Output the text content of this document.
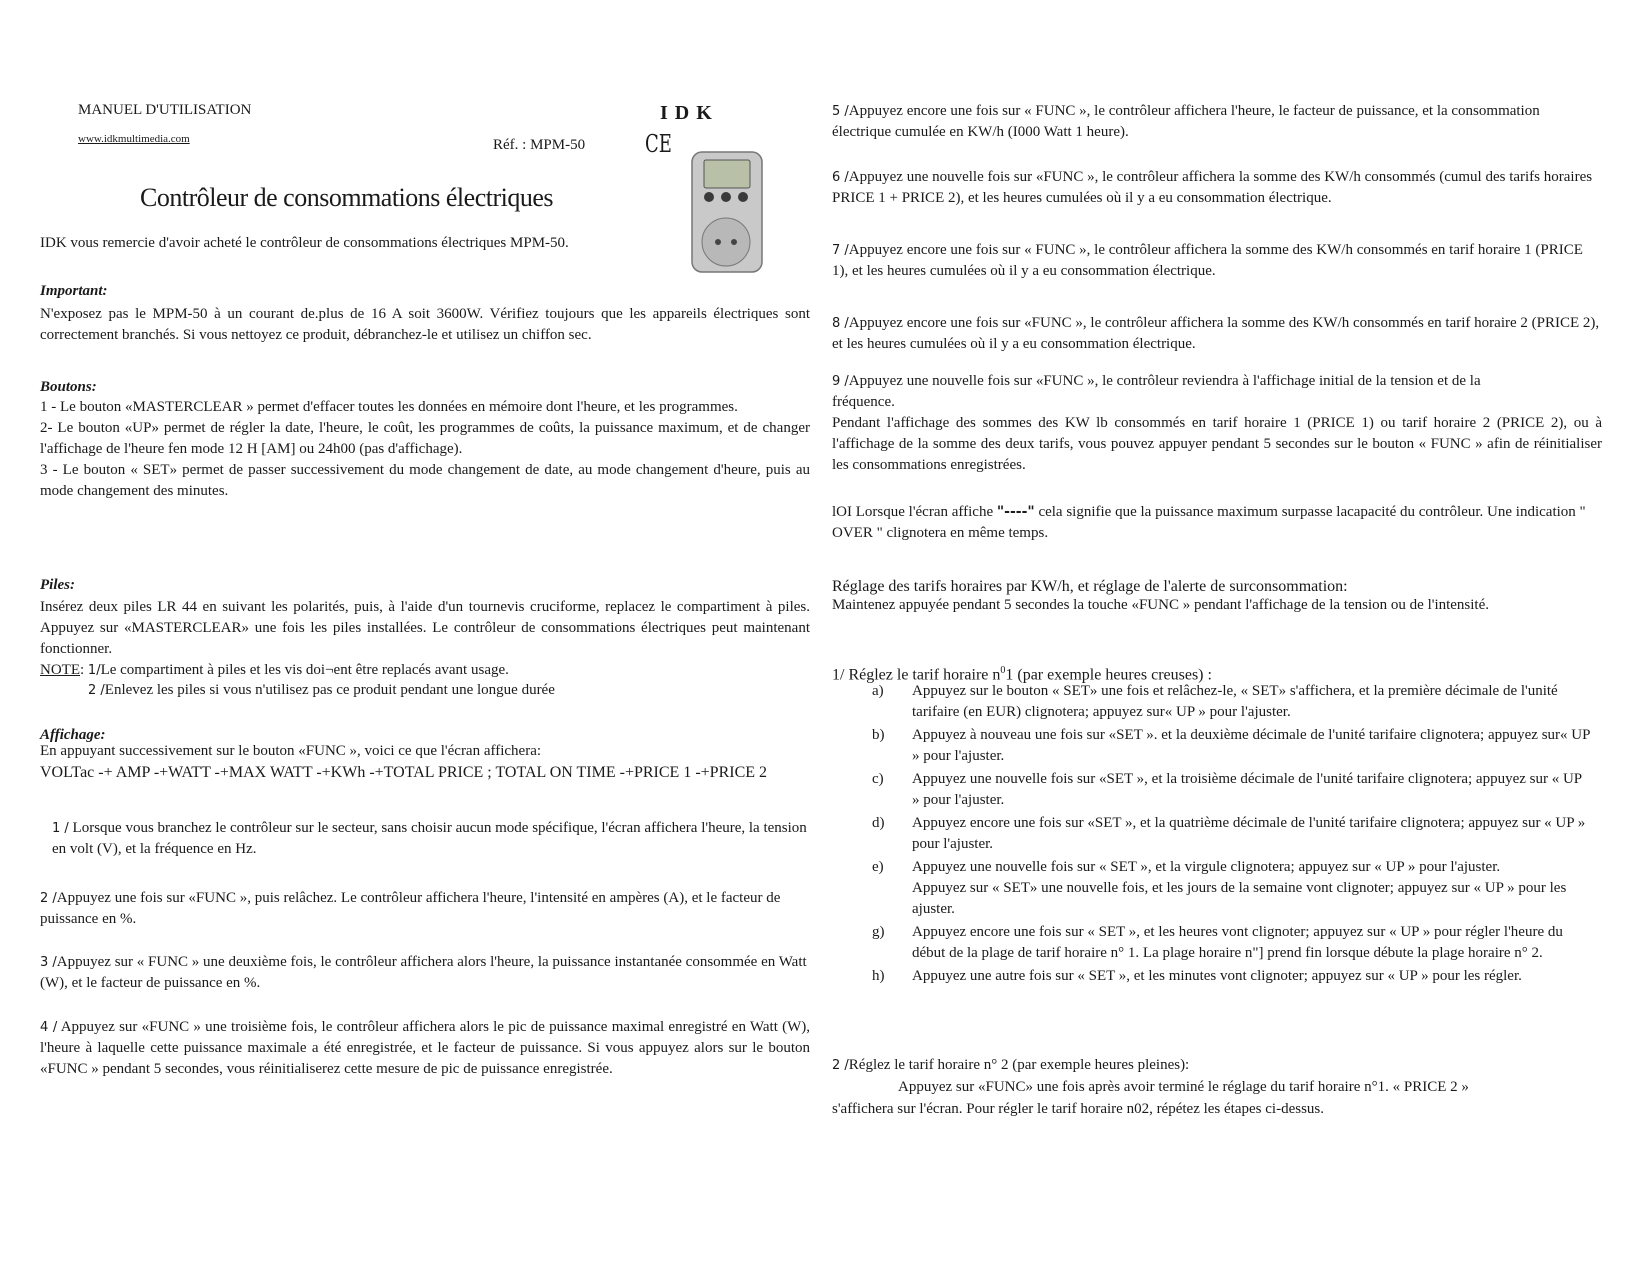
MANUEL D'UTILISATION
www.idkmultimedia.com	Réf. : MPM-50
IDK
CE
Contrôleur de consommations électriques
IDK vous remercie d'avoir acheté le contrôleur de consommations électriques MPM-50.
Important:
N'exposez pas le MPM-50 à un courant de.plus de 16 A soit 3600W. Vérifiez toujours que les appareils électriques sont correctement branchés. Si vous nettoyez ce produit, débranchez-le et utilisez un chiffon sec.
Boutons:

1 - Le bouton «MASTERCLEAR » permet d'effacer toutes les données en mémoire dont l'heure, et les programmes.

2- Le bouton «UP» permet de régler la date, l'heure, le coût, les programmes de coûts, la puissance maximum, et de changer l'affichage de l'heure fen mode 12 H [AM] ou 24h00 (pas d'affichage).

3 - Le bouton « SET» permet de passer successivement du mode changement de date, au mode changement d'heure, puis au mode changement des minutes.

Piles:
Insérez deux piles LR 44 en suivant les polarités, puis, à l'aide d'un tournevis cruciforme, replacez le compartiment à piles. Appuyez sur «MASTERCLEAR» une fois les piles installées. Le contrôleur de consommations électriques peut maintenant fonctionner.
NOTE: 1/Le compartiment à piles et les vis doi¬ent être replacés avant usage.
2 /Enlevez les piles si vous n'utilisez pas ce produit pendant une longue durée
Affichage:
En appuyant successivement sur le bouton «FUNC », voici ce que l'écran affichera:
VOLTac -+ AMP -+WATT -+MAX WATT -+KWh -+TOTAL PRICE ; TOTAL ON TIME -+PRICE 1 -+PRICE 2
1 / Lorsque vous branchez le contrôleur sur le secteur, sans choisir aucun mode spécifique, l'écran affichera l'heure, la tension en volt (V), et la fréquence en Hz.
2 /Appuyez une fois sur «FUNC », puis relâchez. Le contrôleur affichera l'heure, l'intensité en ampères (A), et le facteur de puissance en %.
3 /Appuyez sur « FUNC » une deuxième fois, le contrôleur affichera alors l'heure, la puissance instantanée consommée en Watt (W), et le facteur de puissance en %.
4 / Appuyez sur «FUNC » une troisième fois, le contrôleur affichera alors le pic de puissance maximal enregistré en Watt (W), l'heure à laquelle cette puissance maximale a été enregistrée, et le facteur de puissance. Si vous appuyez alors sur le bouton «FUNC » pendant 5 secondes, vous réinitialiserez cette mesure de pic de puissance enregistrée.
5 /Appuyez encore une fois sur « FUNC », le contrôleur affichera l'heure, le facteur de puissance, et la consommation électrique cumulée en KW/h (I000 Watt 1 heure).
6 /Appuyez une nouvelle fois sur «FUNC », le contrôleur affichera la somme des KW/h consommés (cumul des tarifs horaires PRICE 1 + PRICE 2), et les heures cumulées où il y a eu consommation électrique.
7 /Appuyez encore une fois sur « FUNC », le contrôleur affichera la somme des KW/h consommés en tarif horaire 1 (PRICE 1), et les heures cumulées où il y a eu consommation électrique.
8 /Appuyez encore une fois sur «FUNC », le contrôleur affichera la somme des KW/h consommés en tarif horaire 2 (PRICE 2), et les heures cumulées où il y a eu consommation électrique.
9 /Appuyez une nouvelle fois sur «FUNC », le contrôleur reviendra à l'affichage initial de la tension et de la fréquence.
Pendant l'affichage des sommes des KW lb consommés en tarif horaire 1 (PRICE 1) ou tarif horaire 2 (PRICE 2), ou à l'affichage de la somme des deux tarifs, vous pouvez appuyer pendant 5 secondes sur le bouton « FUNC » afin de réinitialiser les consommations enregistrées.
lOI Lorsque l'écran affiche "----" cela signifie que la puissance maximum surpasse lacapacité du contrôleur. Une indication " OVER " clignotera en même temps.
Réglage des tarifs horaires par KW/h, et réglage de l'alerte de surconsommation:
Maintenez appuyée pendant 5 secondes la touche «FUNC » pendant l'affichage de la tension ou de l'intensité.
1/ Réglez le tarif horaire $n^01$ (par exemple heures creuses) :

a) Appuyez sur le bouton « SET» une fois et relâchez-le, « SET» s'affichera, et la première décimale de l'unité tarifaire (en EUR) clignotera; appuyez sur« UP » pour l'ajuster.

b) Appuyez à nouveau une fois sur «SET ». et la deuxième décimale de l'unité tarifaire clignotera; appuyez sur« UP » pour l'ajuster.

c) Appuyez une nouvelle fois sur «SET », et la troisième décimale de l'unité tarifaire clignotera; appuyez sur « UP » pour l'ajuster.

d) Appuyez encore une fois sur «SET », et la quatrième décimale de l'unité tarifaire clignotera; appuyez sur « UP » pour l'ajuster.

e) Appuyez une nouvelle fois sur « SET », et la virgule clignotera; appuyez sur « UP » pour l'ajuster.

Appuyez sur « SET» une nouvelle fois, et les jours de la semaine vont clignoter; appuyez sur « UP » pour les ajuster.

g) Appuyez encore une fois sur « SET », et les heures vont clignoter; appuyez sur « UP » pour régler l'heure du début de la plage de tarif horaire n° 1. La plage horaire n"] prend fin lorsque débute la plage horaire n° 2.

h) Appuyez une autre fois sur « SET », et les minutes vont clignoter; appuyez sur « UP » pour les régler.

2 /Réglez le tarif horaire n° 2 (par exemple heures pleines):
Appuyez sur «FUNC» une fois après avoir terminé le réglage du tarif horaire n°1. « PRICE 2 »
s'affichera sur l'écran. Pour régler le tarif horaire n02, répétez les étapes ci-dessus.
